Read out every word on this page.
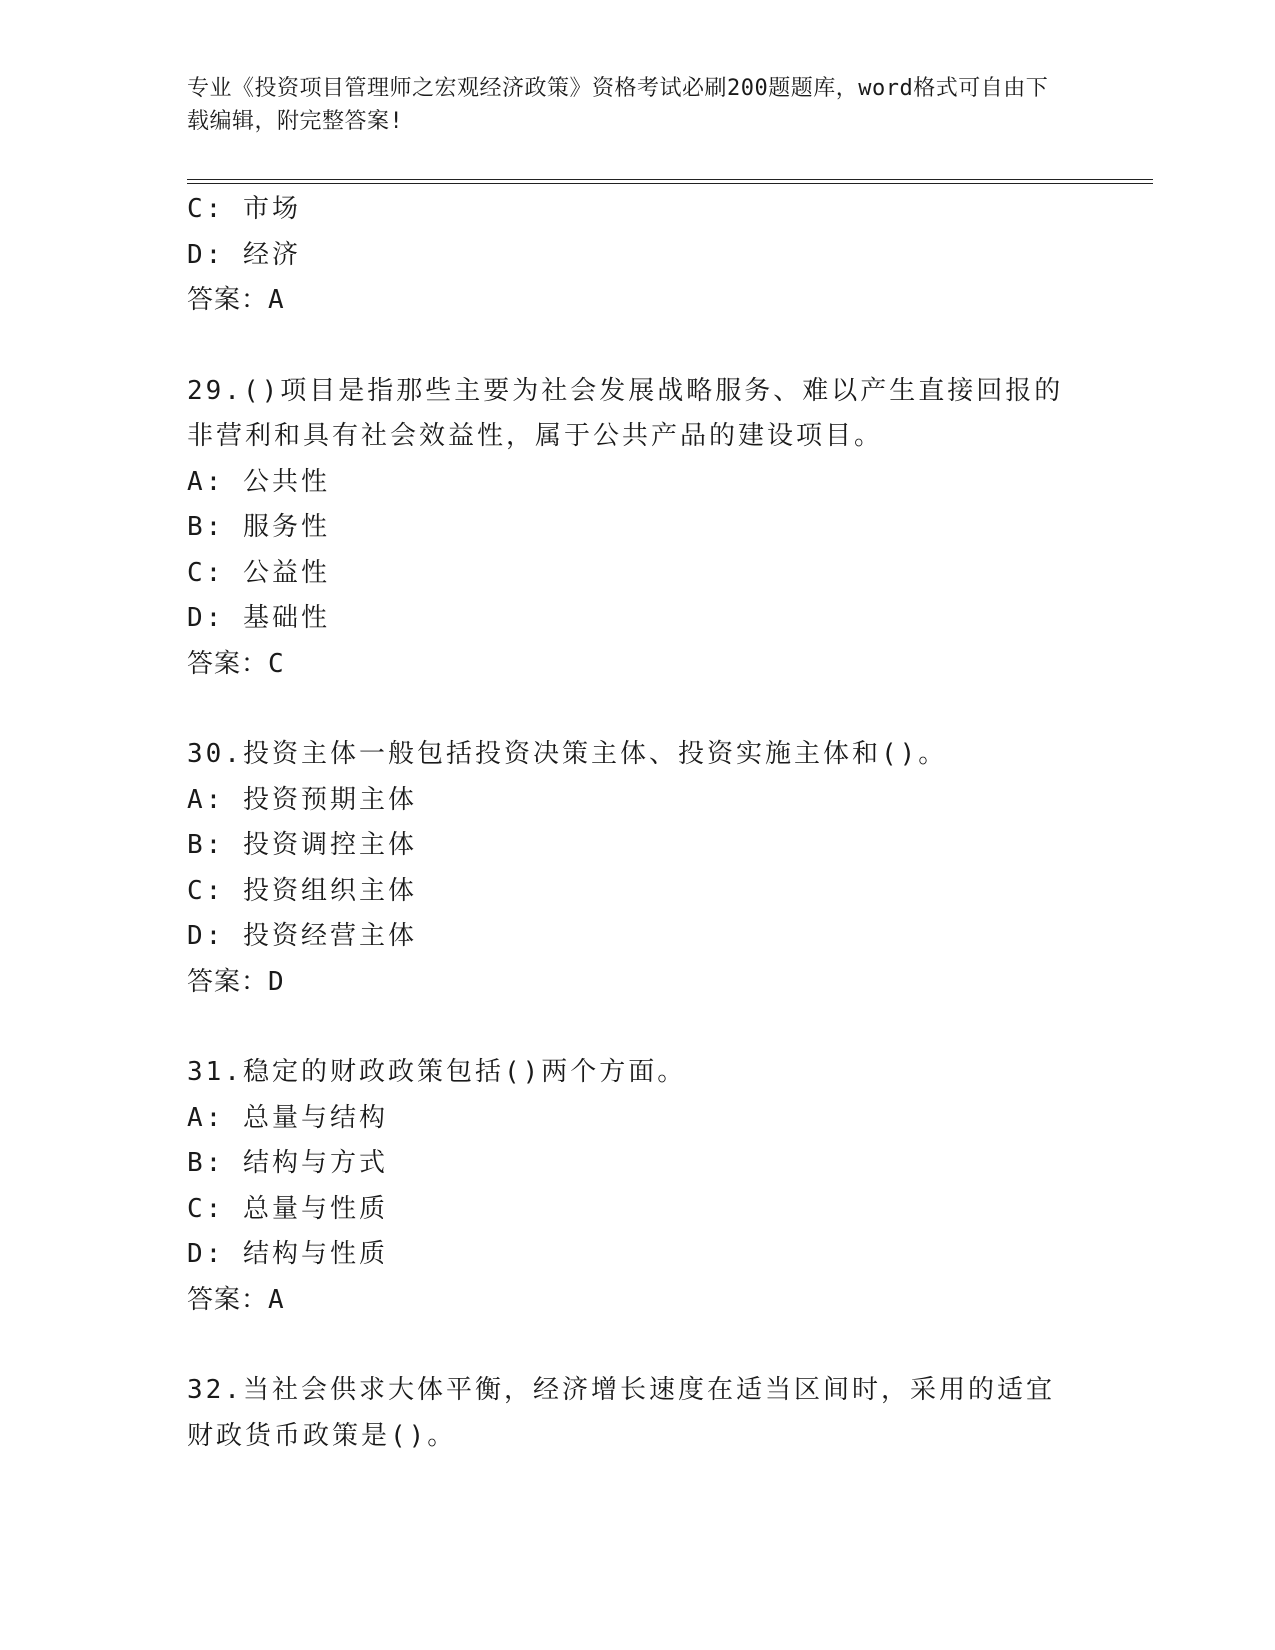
专业《投资项目管理师之宏观经济政策》资格考试必刷200题题库，word格式可自由下载编辑，附完整答案!
C: 市场
D: 经济
答案：A
29.()项目是指那些主要为社会发展战略服务、难以产生直接回报的非营利和具有社会效益性，属于公共产品的建设项目。
A: 公共性
B: 服务性
C: 公益性
D: 基础性
答案：C
30.投资主体一般包括投资决策主体、投资实施主体和()。
A: 投资预期主体
B: 投资调控主体
C: 投资组织主体
D: 投资经营主体
答案：D
31.稳定的财政政策包括()两个方面。
A: 总量与结构
B: 结构与方式
C: 总量与性质
D: 结构与性质
答案：A
32.当社会供求大体平衡，经济增长速度在适当区间时，采用的适宜财政货币政策是()。
